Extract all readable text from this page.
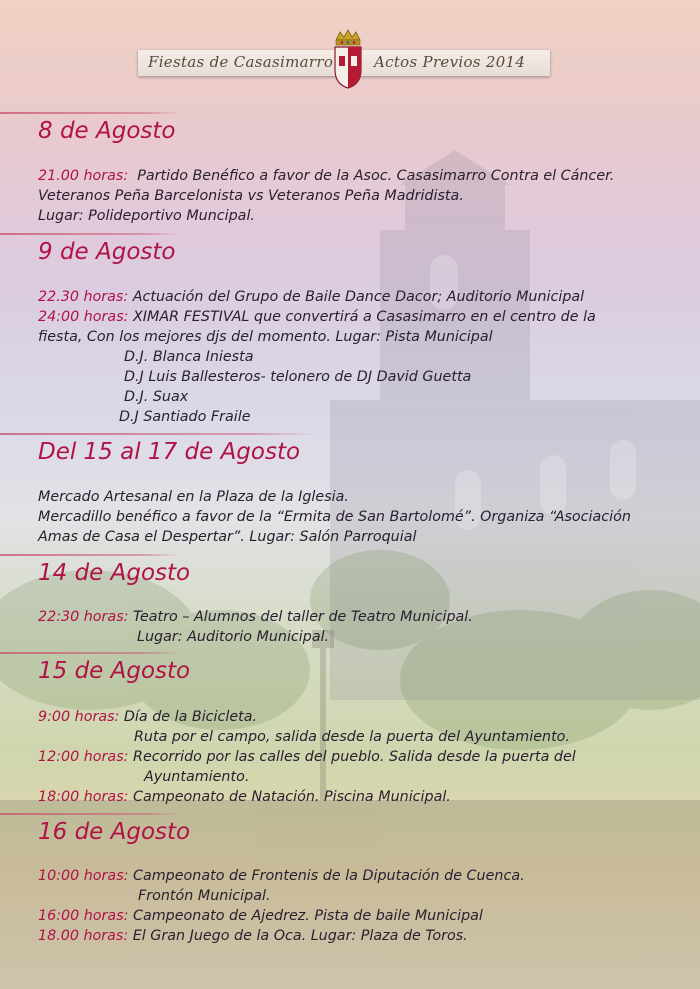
Fiestas de Casasimarro	Actos Previos 2014
8 de Agosto
21.00 horas: Partido Benéfico a favor de la Asoc. Casasimarro Contra el Cáncer.
Veteranos Peña Barcelonista vs Veteranos Peña Madridista.
Lugar: Polideportivo Muncipal.
9 de Agosto
22.30 horas: Actuación del Grupo de Baile Dance Dacor; Auditorio Municipal
24:00 horas: XIMAR FESTIVAL que convertirá a Casasimarro en el centro de la
fiesta, Con los mejores djs del momento. Lugar: Pista Municipal
D.J. Blanca Iniesta
D.J Luis Ballesteros- telonero de DJ David Guetta
D.J. Suax
D.J Santiado Fraile
Del 15 al 17 de Agosto
Mercado Artesanal en la Plaza de la Iglesia.
Mercadillo benéfico a favor de la “Ermita de San Bartolomé”. Organiza “Asociación
Amas de Casa el Despertar”. Lugar: Salón Parroquial
14 de Agosto
22:30 horas: Teatro – Alumnos del taller de Teatro Municipal.
Lugar: Auditorio Municipal.
15 de Agosto
9:00 horas: Día de la Bicicleta.
Ruta por el campo, salida desde la puerta del Ayuntamiento.
12:00 horas: Recorrido por las calles del pueblo. Salida desde la puerta del
Ayuntamiento.
18:00 horas: Campeonato de Natación. Piscina Municipal.
16 de Agosto
10:00 horas: Campeonato de Frontenis de la Diputación de Cuenca.
Frontón Municipal.
16:00 horas: Campeonato de Ajedrez. Pista de baile Municipal
18.00 horas: El Gran Juego de la Oca. Lugar: Plaza de Toros.
